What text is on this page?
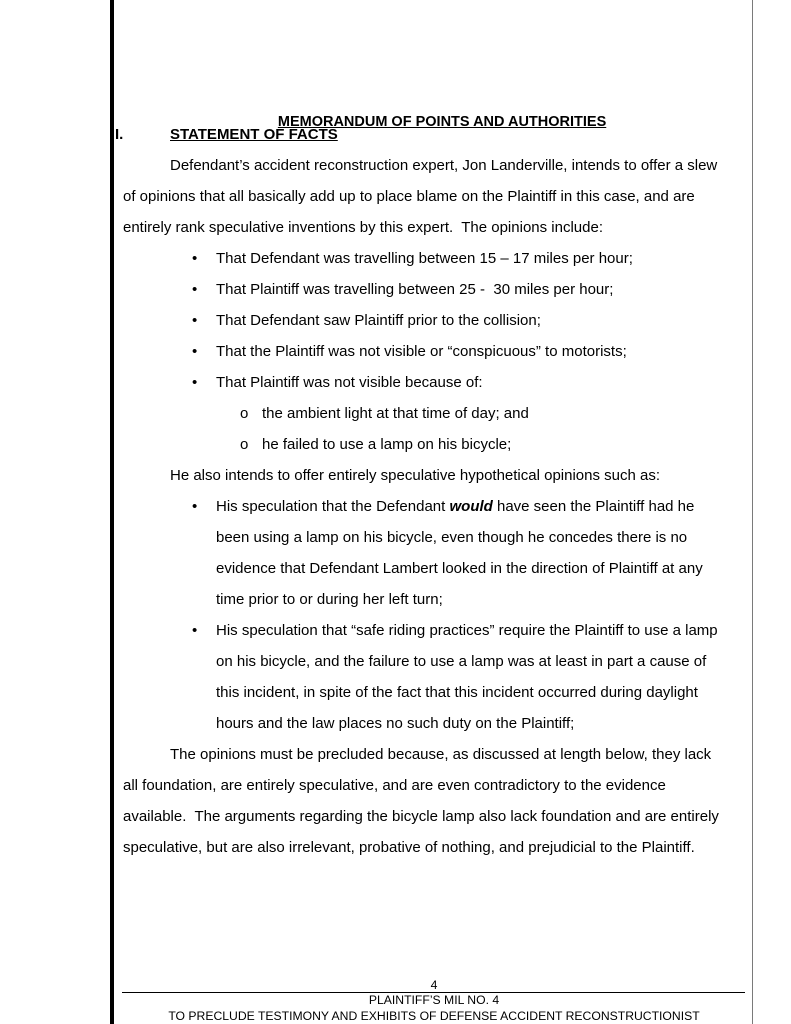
MEMORANDUM OF POINTS AND AUTHORITIES

I.	STATEMENT OF FACTS
Defendant’s accident reconstruction expert, Jon Landerville, intends to offer a slew
of opinions that all basically add up to place blame on the Plaintiff in this case, and are
entirely rank speculative inventions by this expert.  The opinions include:
• That Defendant was travelling between 15 – 17 miles per hour;
• That Plaintiff was travelling between 25 -  30 miles per hour;
• That Defendant saw Plaintiff prior to the collision;
• That the Plaintiff was not visible or “conspicuous” to motorists;
• That Plaintiff was not visible because of:
o the ambient light at that time of day; and
o he failed to use a lamp on his bicycle;
He also intends to offer entirely speculative hypothetical opinions such as:
• His speculation that the Defendant would have seen the Plaintiff had he
been using a lamp on his bicycle, even though he concedes there is no
evidence that Defendant Lambert looked in the direction of Plaintiff at any
time prior to or during her left turn;
• His speculation that “safe riding practices” require the Plaintiff to use a lamp
on his bicycle, and the failure to use a lamp was at least in part a cause of
this incident, in spite of the fact that this incident occurred during daylight
hours and the law places no such duty on the Plaintiff;
The opinions must be precluded because, as discussed at length below, they lack
all foundation, are entirely speculative, and are even contradictory to the evidence
available.  The arguments regarding the bicycle lamp also lack foundation and are entirely
speculative, but are also irrelevant, probative of nothing, and prejudicial to the Plaintiff.
4
PLAINTIFF’S MIL NO. 4
TO PRECLUDE TESTIMONY AND EXHIBITS OF DEFENSE ACCIDENT RECONSTRUCTIONIST
